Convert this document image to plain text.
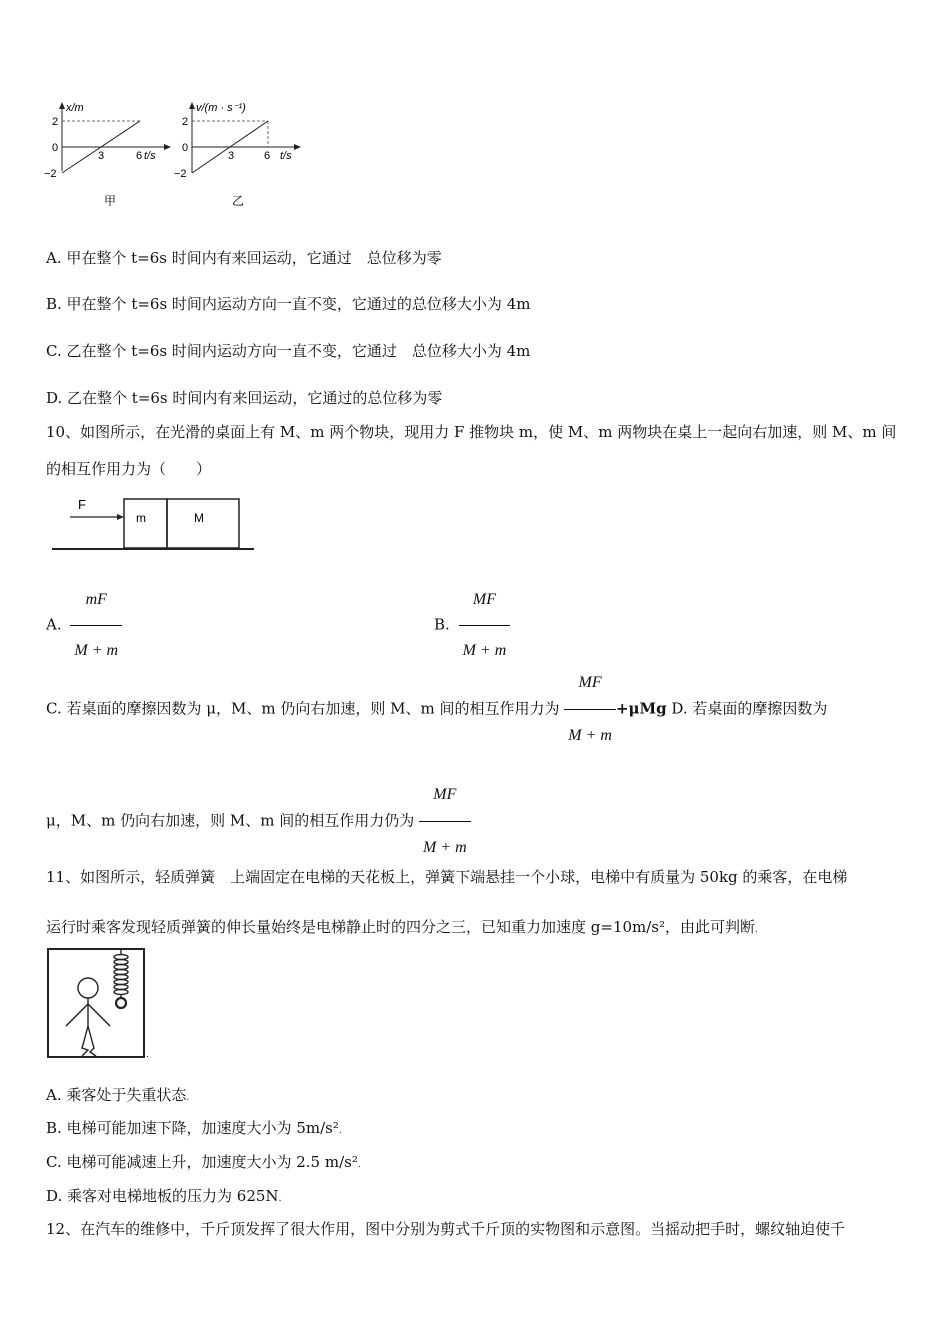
x/m
t/s
2
0
−2
3	6
甲
v/(m · s⁻¹)
t/s
2
0
−2
3	6
乙
A. 甲在整个 t=6s 时间内有来回运动，它通过　总位移为零
B. 甲在整个 t=6s 时间内运动方向一直不变，它通过的总位移大小为 4m
C. 乙在整个 t=6s 时间内运动方向一直不变，它通过　总位移大小为 4m
D. 乙在整个 t=6s 时间内有来回运动，它通过的总位移为零
10、如图所示，在光滑的桌面上有 M、m 两个物块，现用力 F 推物块 m，使 M、m 两物块在桌上一起向右加速，则 M、m 间
的相互作用力为（　　）
F
m	M
A. $\frac{mF}{M + m}$	B. $\frac{MF}{M + m}$
C. 若桌面的摩擦因数为 μ，M、m 仍向右加速，则 M、m 间的相互作用力为 $\frac{MF}{M + m} +\mu Mg$ D. 若桌面的摩擦因数为
μ，M、m 仍向右加速，则 M、m 间的相互作用力仍为 $\frac{MF}{M + m}$
11、如图所示，轻质弹簧　上端固定在电梯的天花板上，弹簧下端悬挂一个小球，电梯中有质量为 50kg 的乘客，在电梯
运行时乘客发现轻质弹簧的伸长量始终是电梯静止时的四分之三，已知重力加速度 g=10m/s²，由此可判断.
.
A. 乘客处于失重状态.
B. 电梯可能加速下降，加速度大小为 5m/s².
C. 电梯可能减速上升，加速度大小为 2.5 m/s².
D. 乘客对电梯地板的压力为 625N.
12、在汽车的维修中，千斤顶发挥了很大作用，图中分别为剪式千斤顶的实物图和示意图。当摇动把手时，螺纹轴迫使千
